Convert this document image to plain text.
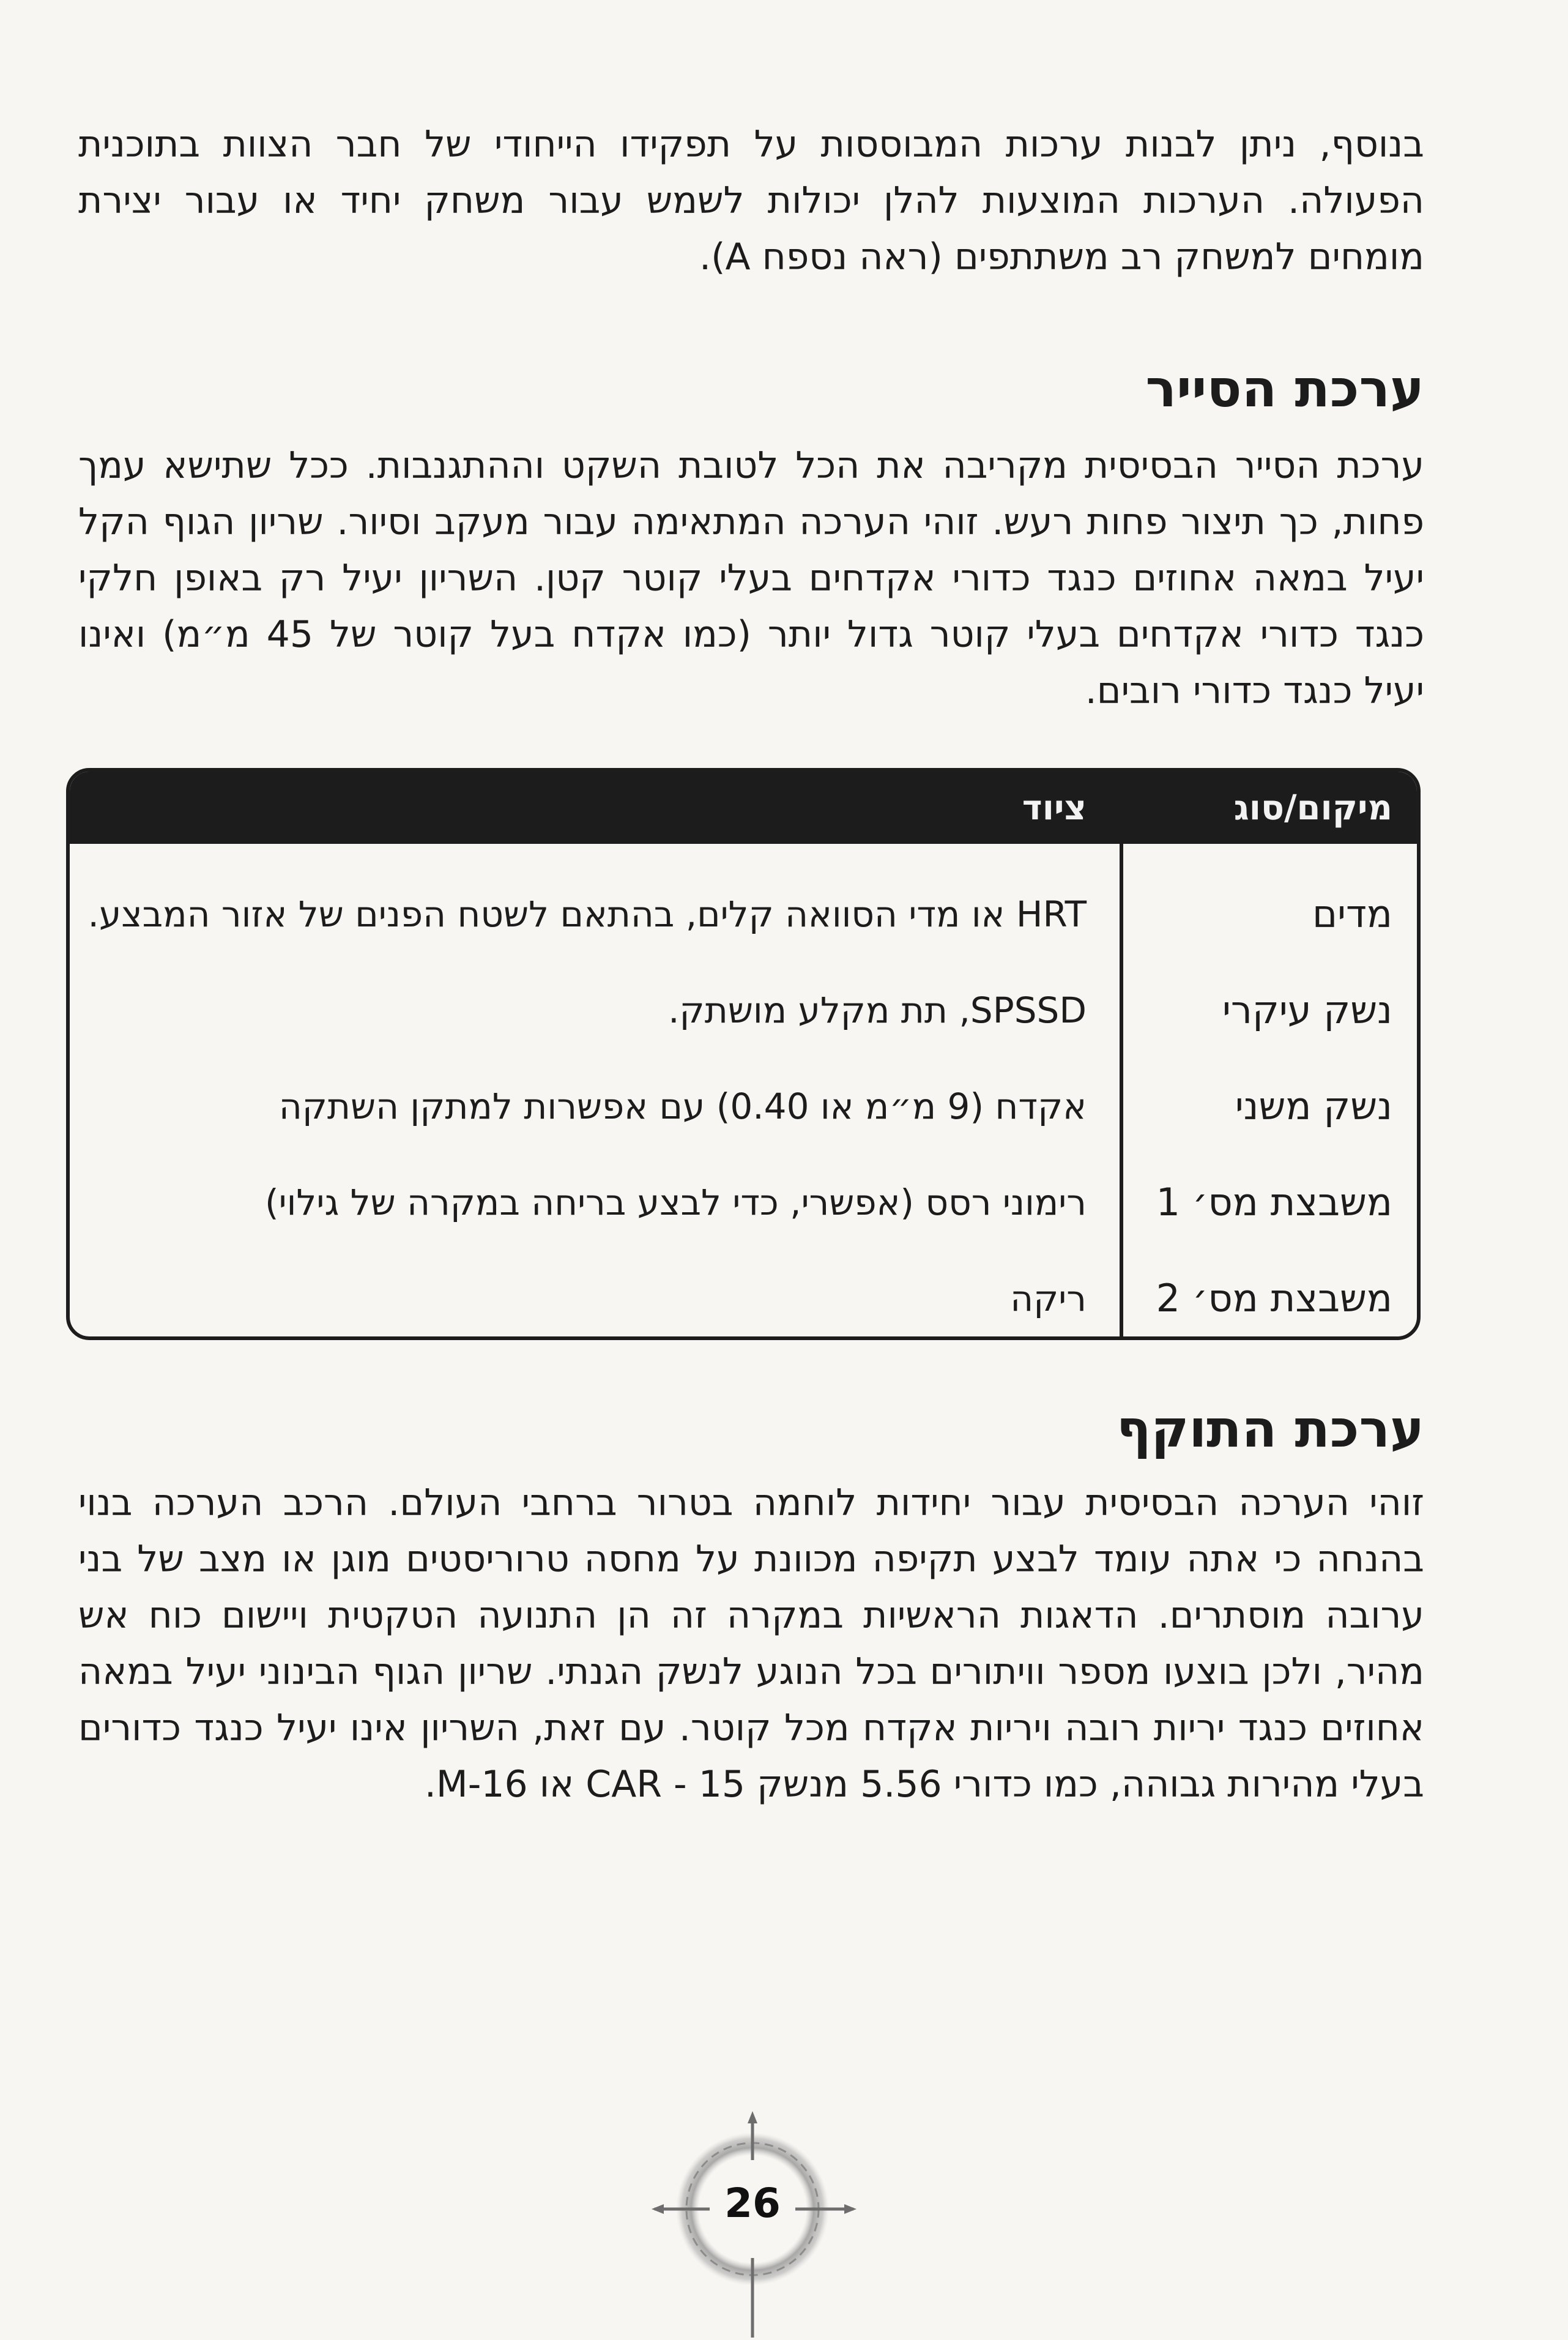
בנוסף, ניתן לבנות ערכות המבוססות על תפקידו הייחודי של חבר הצוות בתוכנית הפעולה. הערכות המוצעות להלן יכולות לשמש עבור משחק יחיד או עבור יצירת מומחים למשחק רב משתתפים (ראה נספח A).

ערכת הסייר

ערכת הסייר הבסיסית מקריבה את הכל לטובת השקט וההתגנבות. ככל שתישא עמך פחות, כך תיצור פחות רעש. זוהי הערכה המתאימה עבור מעקב וסיור. שריון הגוף הקל יעיל במאה אחוזים כנגד כדורי אקדחים בעלי קוטר קטן. השריון יעיל רק באופן חלקי כנגד כדורי אקדחים בעלי קוטר גדול יותר (כמו אקדח בעל קוטר של 45 מ״מ) ואינו יעיל כנגד כדורי רובים.

מיקום/סוג
ציוד
מדים
HRT או מדי הסוואה קלים, בהתאם לשטח הפנים של אזור המבצע.
נשק עיקרי
SPSSD, תת מקלע מושתק.
נשק משני
אקדח (9 מ״מ או 0.40) עם אפשרות למתקן השתקה
משבצת מס׳ 1
רימוני רסס (אפשרי, כדי לבצע בריחה במקרה של גילוי)
משבצת מס׳ 2
ריקה
ערכת התוקף

זוהי הערכה הבסיסית עבור יחידות לוחמה בטרור ברחבי העולם. הרכב הערכה בנוי בהנחה כי אתה עומד לבצע תקיפה מכוונת על מחסה טרוריסטים מוגן או מצב של בני ערובה מוסתרים. הדאגות הראשיות במקרה זה הן התנועה הטקטית ויישום כוח אש מהיר, ולכן בוצעו מספר וויתורים בכל הנוגע לנשק הגנתי. שריון הגוף הבינוני יעיל במאה אחוזים כנגד יריות רובה ויריות אקדח מכל קוטר. עם זאת, השריון אינו יעיל כנגד כדורים בעלי מהירות גבוהה, כמו כדורי 5.56 מנשק CAR - 15 או M-16.

26
